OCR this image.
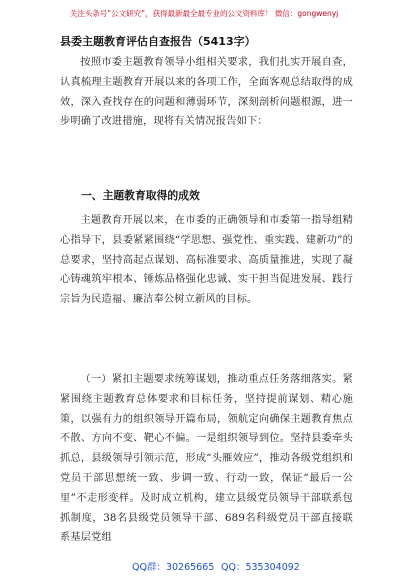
关注头条号“公文研究”，获得最新最全最专业的公文资料库！ 微信：gongwenyj
县委主题教育评估自查报告（5413字）
按照市委主题教育领导小组相关要求，我们扎实开展自查，认真梳理主题教育开展以来的各项工作，全面客观总结取得的成效，深入查找存在的问题和薄弱环节，深刻剖析问题根源，进一步明确了改进措施，现将有关情况报告如下：
一、主题教育取得的成效
主题教育开展以来，在市委的正确领导和市委第一指导组精心指导下，县委紧紧围绕“学思想、强党性、重实践、建新功”的总要求，坚持高起点谋划、高标准要求、高质量推进，实现了凝心铸魂筑牢根本、锤炼品格强化忠诚、实干担当促进发展、践行宗旨为民造福、廉洁奉公树立新风的目标。
（一）紧扣主题要求统筹谋划，推动重点任务落细落实。紧紧围绕主题教育总体要求和目标任务，坚持提前谋划、精心施策，以强有力的组织领导开篇布局，领航定向确保主题教育焦点不散、方向不变、靶心不偏。一是组织领导到位。坚持县委牵头抓总，县级领导引领示范，形成“头雁效应”，推动各级党组织和党员干部思想统一致、步调一致、行动一致，保证“最后一公里”不走形变样。及时成立机构，建立县级党员领导干部联系包抓制度，38名县级党员领导干部、689名科级党员干部直接联系基层党组
QQ群：30265665 QQ：535304092
